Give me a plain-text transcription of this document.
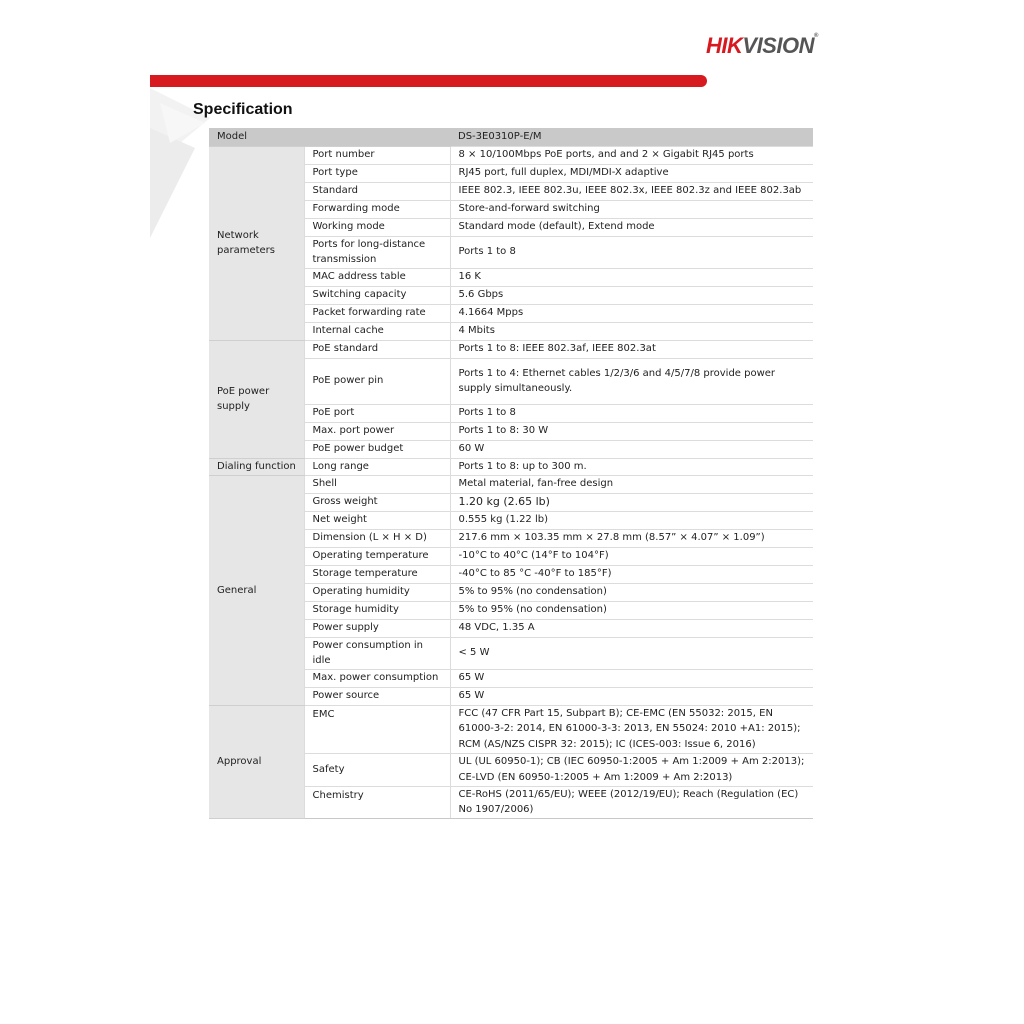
HIKVISION®
Specification
Model		DS-3E0310P-E/M
Network parameters	Port number	8 × 10/100Mbps PoE ports, and and 2 × Gigabit RJ45 ports
	Port type	RJ45 port, full duplex, MDI/MDI-X adaptive
	Standard	IEEE 802.3, IEEE 802.3u, IEEE 802.3x, IEEE 802.3z and IEEE 802.3ab
	Forwarding mode	Store-and-forward switching
	Working mode	Standard mode (default), Extend mode
	Ports for long-distance transmission	Ports 1 to 8
	MAC address table	16 K
	Switching capacity	5.6 Gbps
	Packet forwarding rate	4.1664 Mpps
	Internal cache	4 Mbits
PoE power supply	PoE standard	Ports 1 to 8: IEEE 802.3af, IEEE 802.3at
	PoE power pin	Ports 1 to 4: Ethernet cables 1/2/3/6 and 4/5/7/8 provide power supply simultaneously.
	PoE port	Ports 1 to 8
	Max. port power	Ports 1 to 8: 30 W
	PoE power budget	60 W
Dialing function	Long range	Ports 1 to 8: up to 300 m.
General	Shell	Metal material, fan-free design
	Gross weight	1.20 kg (2.65 lb)
	Net weight	0.555 kg (1.22 lb)
	Dimension (L × H × D)	217.6 mm × 103.35 mm × 27.8 mm (8.57” × 4.07” × 1.09”)
	Operating temperature	-10°C to 40°C (14°F to 104°F)
	Storage temperature	-40°C to 85 °C -40°F to 185°F)
	Operating humidity	5% to 95% (no condensation)
	Storage humidity	5% to 95% (no condensation)
	Power supply	48 VDC, 1.35 A
	Power consumption in idle	< 5 W
	Max. power consumption	65 W
	Power source	65 W
Approval	EMC	FCC (47 CFR Part 15, Subpart B); CE-EMC (EN 55032: 2015, EN 61000-3-2: 2014, EN 61000-3-3: 2013, EN 55024: 2010 +A1: 2015); RCM (AS/NZS CISPR 32: 2015); IC (ICES-003: Issue 6, 2016)
	Safety	UL (UL 60950-1); CB (IEC 60950-1:2005 + Am 1:2009 + Am 2:2013); CE-LVD (EN 60950-1:2005 + Am 1:2009 + Am 2:2013)
	Chemistry	CE-RoHS (2011/65/EU); WEEE (2012/19/EU); Reach (Regulation (EC) No 1907/2006)
